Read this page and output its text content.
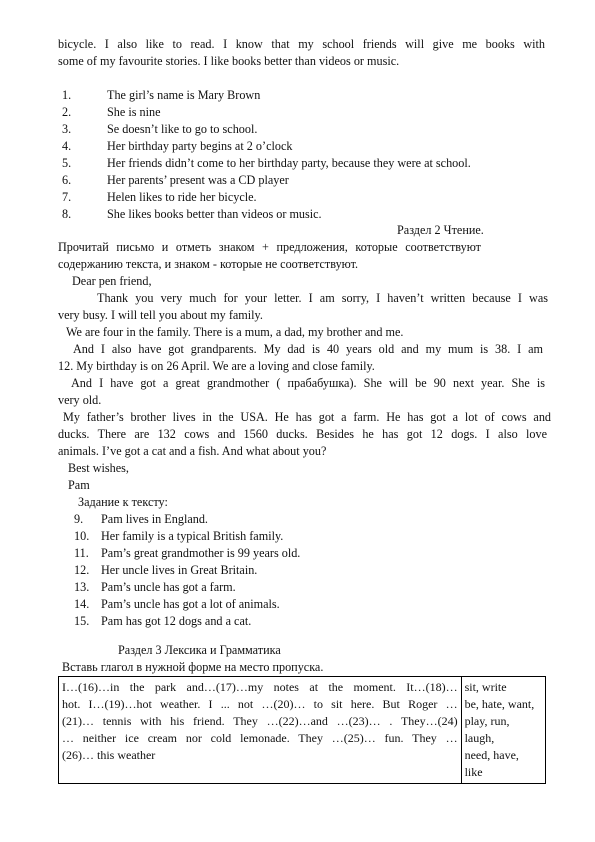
bicycle. I also like to read. I know that my school friends will give me books with
some of my favourite stories. I like books better than videos or music.
1.	The girl’s name is Mary Brown
2.	She is nine
3.	Se doesn’t like to go to school.
4.	Her birthday party begins at 2 o’clock
5.	Her friends didn’t come to her birthday party, because they were at school.
6.	Her parents’ present was a CD player
7.	Helen likes to ride her bicycle.
8.	She likes books better than videos or music.
Раздел 2 Чтение.
Прочитай письмо и отметь знаком + предложения, которые соответствуют
содержанию текста, и знаком - которые не соответствуют.
Dear pen friend,
Thank you very much for your letter. I am sorry, I haven’t written because I was
very busy. I will tell you about my family.
We are four in the family. There is a mum, a dad, my brother and me.
And I also have got grandparents. My dad is 40 years old and my mum is 38. I am
12. My birthday is on 26 April. We are a loving and close family.
And I have got a great grandmother ( прабабушка). She will be 90 next year. She is
very old.
My father’s brother lives in the USA. He has got a farm. He has got a lot of cows and
ducks. There are 132 cows and 1560 ducks. Besides he has got 12 dogs. I also love
animals. I’ve got a cat and a fish. And what about you?
Best wishes,
Pam
Задание к тексту:
9. Pam lives in England.
10. Her family is a typical British family.
11. Pam’s great grandmother is 99 years old.
12. Her uncle lives in Great Britain.
13. Pam’s uncle has got a farm.
14. Pam’s uncle has got a lot of animals.
15. Pam has got 12 dogs and a cat.
Раздел 3 Лексика и Грамматика
Вставь глагол в нужной форме на место пропуска.
I…(16)…in the park and…(17)…my notes at the moment. It…(18)…
hot. I…(19)…hot weather. I ... not …(20)… to sit here. But Roger …
(21)… tennis with his friend. They …(22)…and …(23)… . They…(24)
… neither ice cream nor cold lemonade. They …(25)… fun. They …
(26)… this weather

sit, write
be, hate, want,
play, run, laugh,
need, have,
like
